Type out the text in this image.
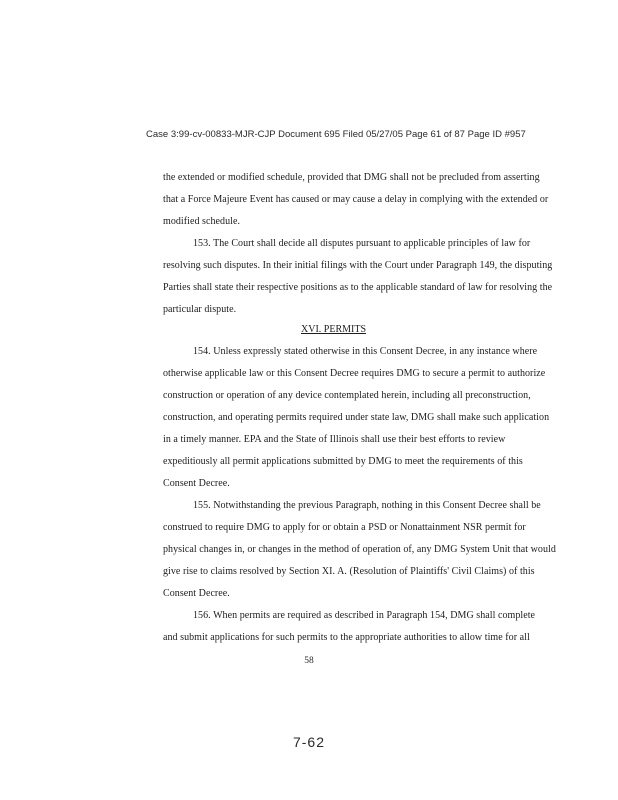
Case 3:99-cv-00833-MJR-CJP Document 695 Filed 05/27/05 Page 61 of 87 Page ID #957
the extended or modified schedule, provided that DMG shall not be precluded from asserting
that a Force Majeure Event has caused or may cause a delay in complying with the extended or
modified schedule.
153. The Court shall decide all disputes pursuant to applicable principles of law for
resolving such disputes. In their initial filings with the Court under Paragraph 149, the disputing
Parties shall state their respective positions as to the applicable standard of law for resolving the
particular dispute.
XVI. PERMITS
154. Unless expressly stated otherwise in this Consent Decree, in any instance where
otherwise applicable law or this Consent Decree requires DMG to secure a permit to authorize
construction or operation of any device contemplated herein, including all preconstruction,
construction, and operating permits required under state law, DMG shall make such application
in a timely manner. EPA and the State of Illinois shall use their best efforts to review
expeditiously all permit applications submitted by DMG to meet the requirements of this
Consent Decree.
155. Notwithstanding the previous Paragraph, nothing in this Consent Decree shall be
construed to require DMG to apply for or obtain a PSD or Nonattainment NSR permit for
physical changes in, or changes in the method of operation of, any DMG System Unit that would
give rise to claims resolved by Section XI. A. (Resolution of Plaintiffs' Civil Claims) of this
Consent Decree.
156. When permits are required as described in Paragraph 154, DMG shall complete
and submit applications for such permits to the appropriate authorities to allow time for all
58
7-62
